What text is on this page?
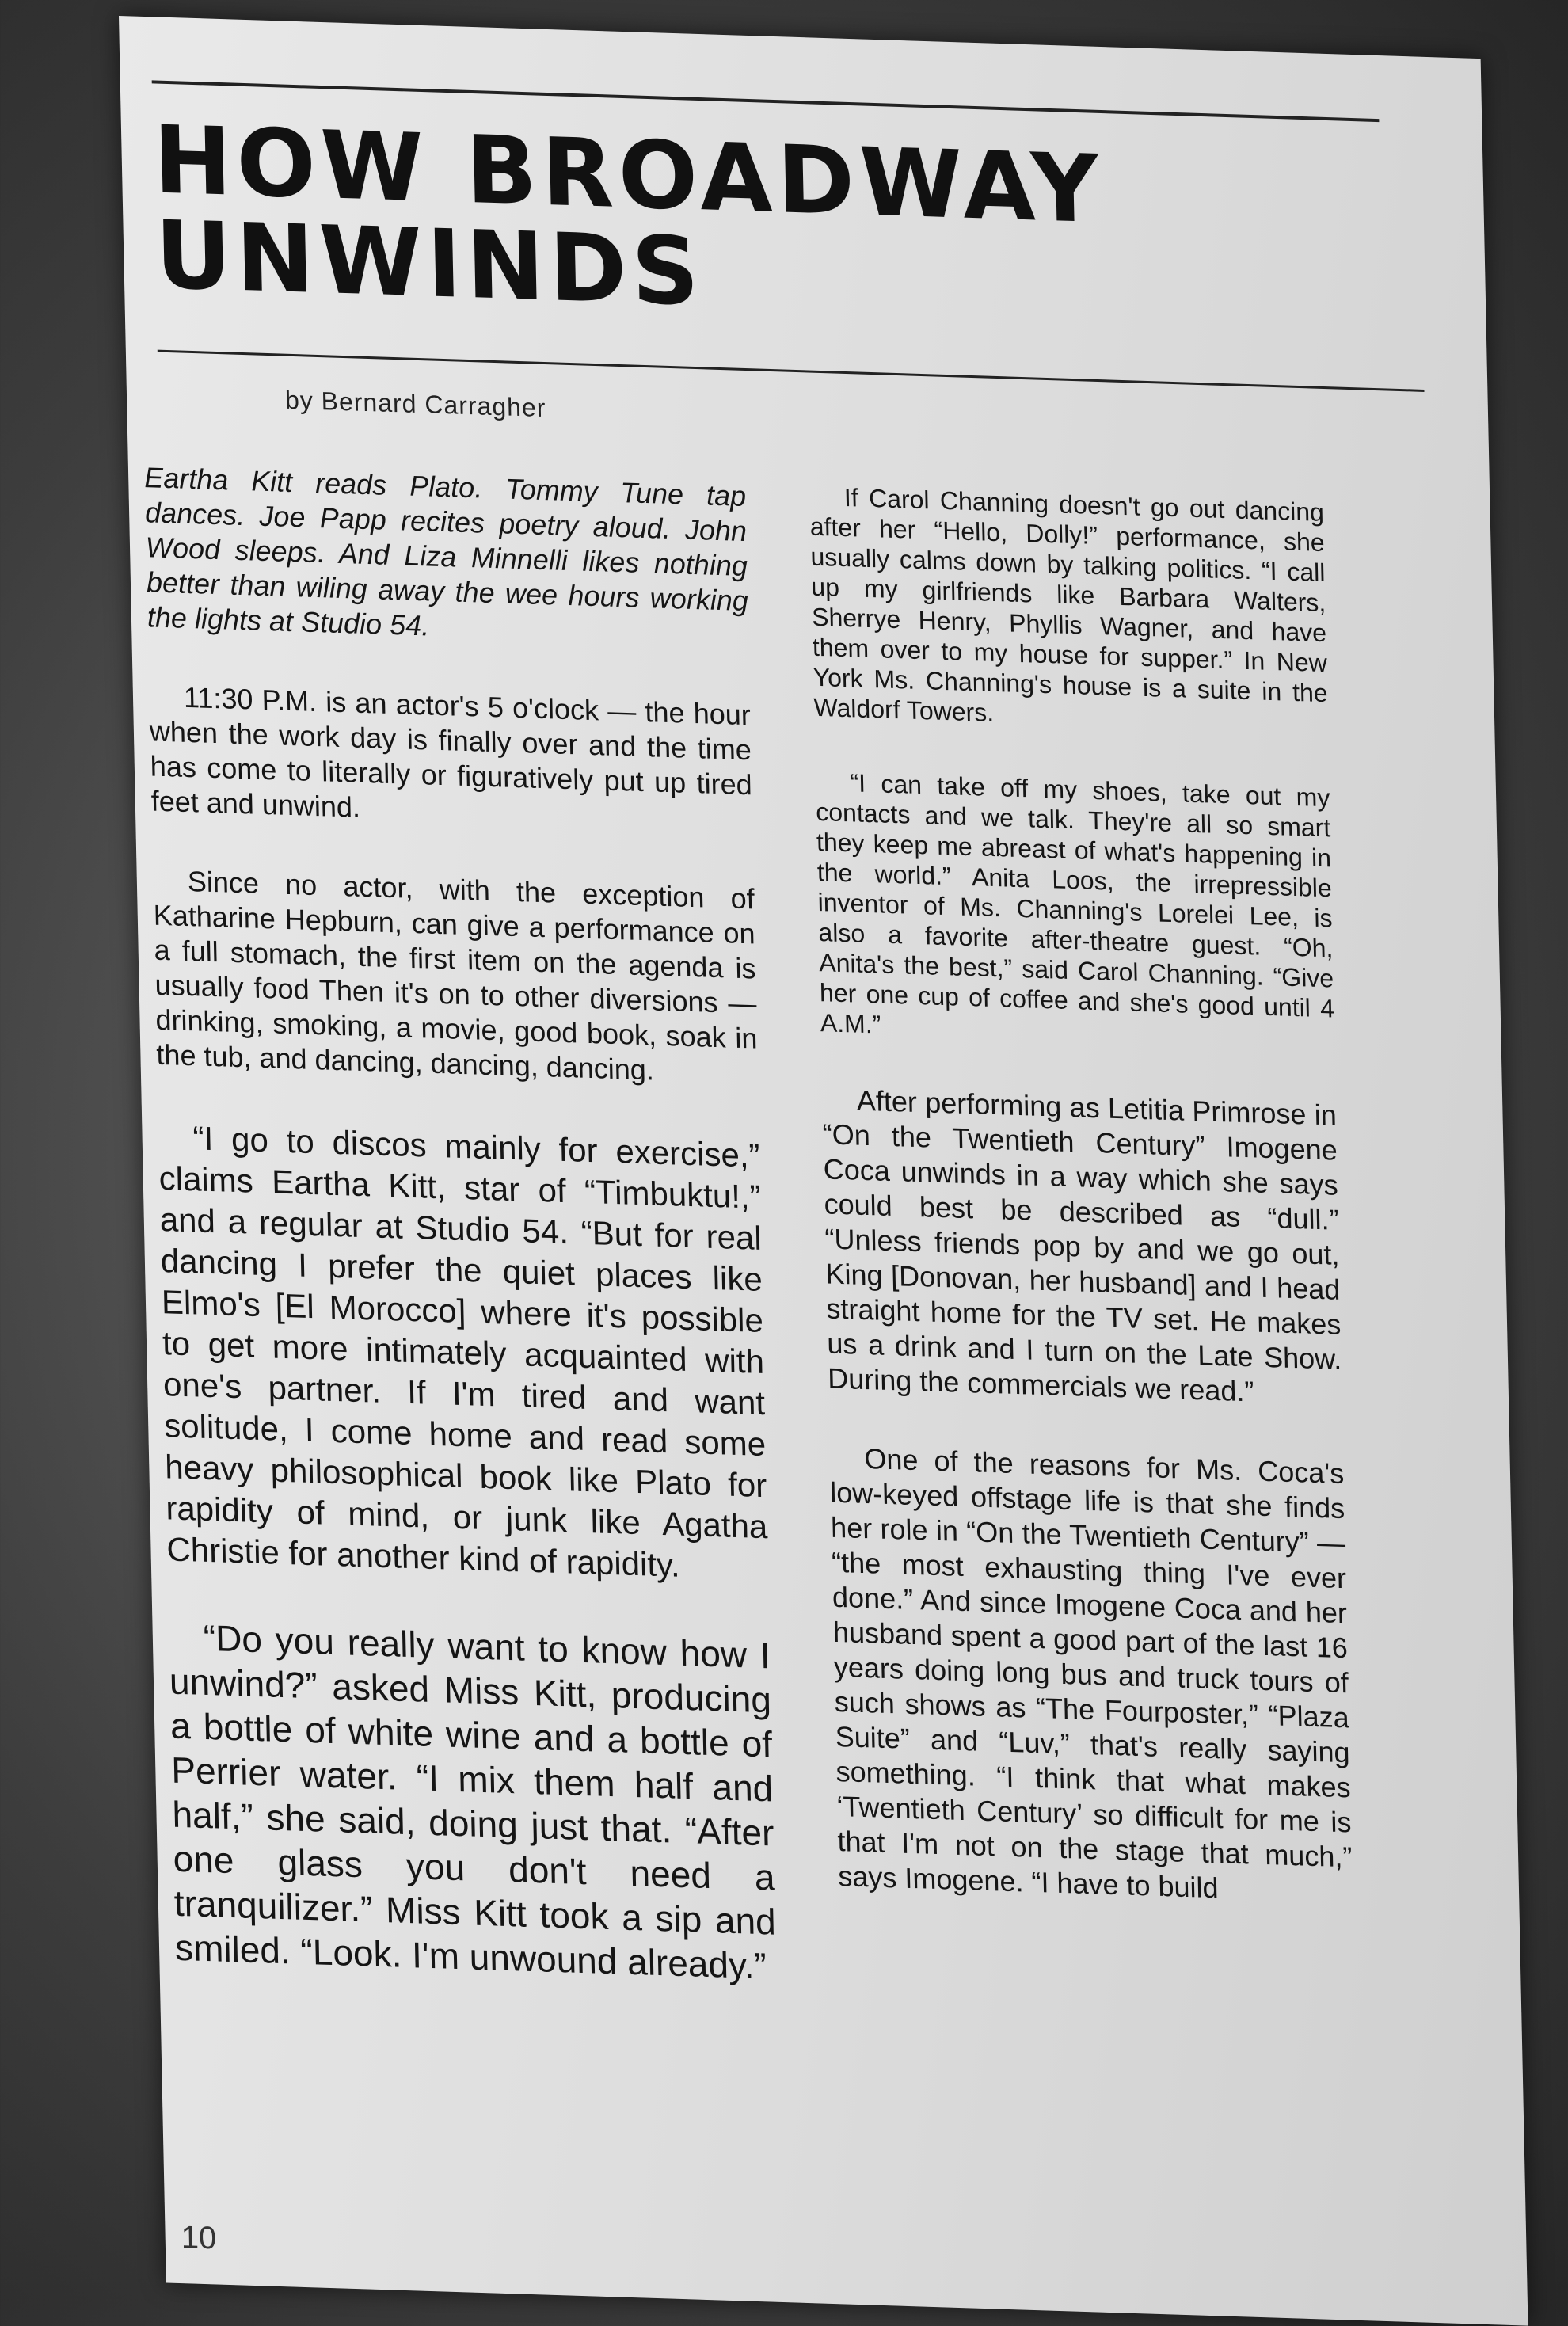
HOW BROADWAY UNWINDS
by Bernard Carragher

Eartha Kitt reads Plato. Tommy Tune tap dances. Joe Papp recites poetry aloud. John Wood sleeps. And Liza Minnelli likes nothing better than wiling away the wee hours working the lights at Studio 54.

11:30 P.M. is an actor's 5 o'clock — the hour when the work day is finally over and the time has come to literally or figuratively put up tired feet and unwind.

Since no actor, with the exception of Katharine Hepburn, can give a performance on a full stomach, the first item on the agenda is usually food Then it's on to other diversions — drinking, smoking, a movie, good book, soak in the tub, and dancing, dancing, dancing.

“I go to discos mainly for exercise,” claims Eartha Kitt, star of “Timbuktu!,” and a regular at Studio 54. “But for real dancing I prefer the quiet places like Elmo's [El Morocco] where it's possible to get more intimately acquainted with one's partner. If I'm tired and want solitude, I come home and read some heavy philosophical book like Plato for rapidity of mind, or junk like Agatha Christie for another kind of rapidity.

“Do you really want to know how I unwind?” asked Miss Kitt, producing a bottle of white wine and a bottle of Perrier water. “I mix them half and half,” she said, doing just that. “After one glass you don't need a tranquilizer.” Miss Kitt took a sip and smiled. “Look. I'm unwound already.”

If Carol Channing doesn't go out dancing after her “Hello, Dolly!” performance, she usually calms down by talking politics. “I call up my girlfriends like Barbara Walters, Sherrye Henry, Phyllis Wagner, and have them over to my house for supper.” In New York Ms. Channing's house is a suite in the Waldorf Towers.

“I can take off my shoes, take out my contacts and we talk. They're all so smart they keep me abreast of what's happening in the world.” Anita Loos, the irrepressible inventor of Ms. Channing's Lorelei Lee, is also a favorite after-theatre guest. “Oh, Anita's the best,” said Carol Channing. “Give her one cup of coffee and she's good until 4 A.M.”

After performing as Letitia Primrose in “On the Twentieth Century” Imogene Coca unwinds in a way which she says could best be described as “dull.” “Unless friends pop by and we go out, King [Donovan, her husband] and I head straight home for the TV set. He makes us a drink and I turn on the Late Show. During the commercials we read.”

One of the reasons for Ms. Coca's low-keyed offstage life is that she finds her role in “On the Twentieth Century” — “the most exhausting thing I've ever done.” And since Imogene Coca and her husband spent a good part of the last 16 years doing long bus and truck tours of such shows as “The Fourposter,” “Plaza Suite” and “Luv,” that's really saying something. “I think that what makes ‘Twentieth Century’ so difficult for me is that I'm not on the stage that much,” says Imogene. “I have to build

10
